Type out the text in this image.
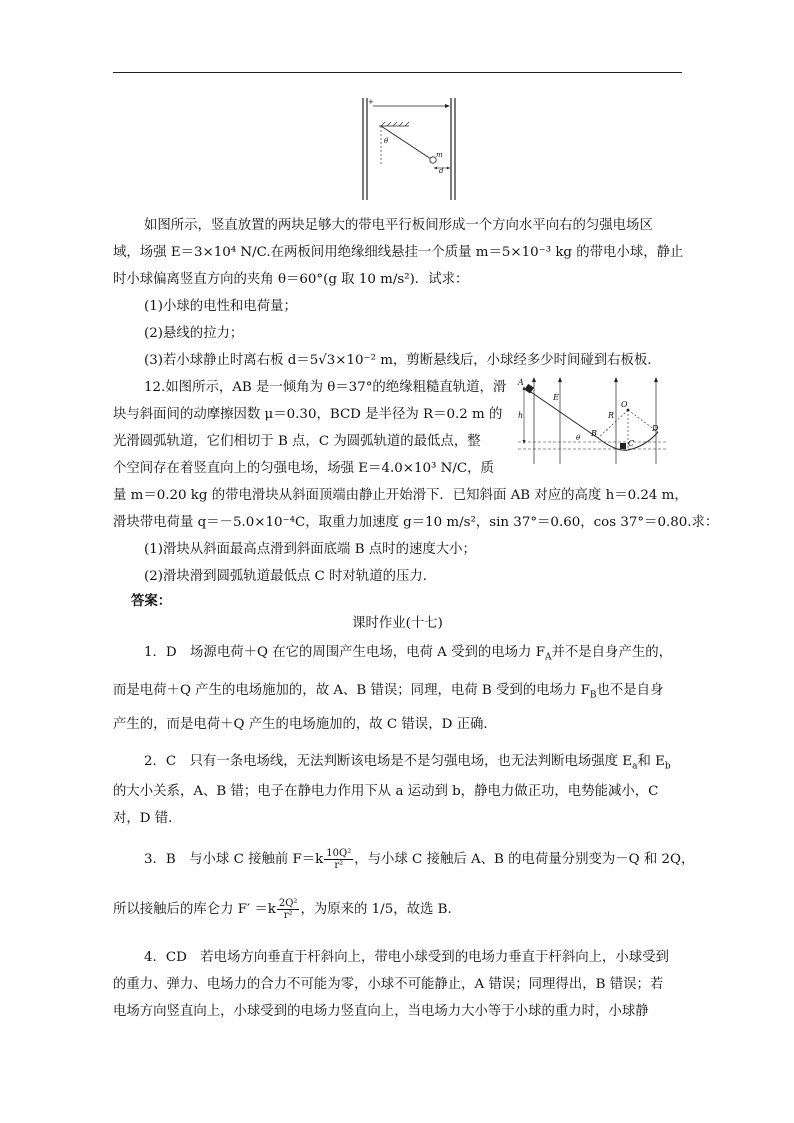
+
θ
m
d
如图所示，竖直放置的两块足够大的带电平行板间形成一个方向水平向右的匀强电场区
域，场强 E＝3×10⁴ N/C.在两板间用绝缘细线悬挂一个质量 m＝5×10⁻³ kg 的带电小球，静止
时小球偏离竖直方向的夹角 θ＝60°(g 取 10 m/s²)．试求：
(1)小球的电性和电荷量；
(2)悬线的拉力；
(3)若小球静止时离右板 d＝5√3×10⁻² m，剪断悬线后，小球经多少时间碰到右板板．
12.如图所示，AB 是一倾角为 θ＝37°的绝缘粗糙直轨道，滑
块与斜面间的动摩擦因数 μ＝0.30，BCD 是半径为 R＝0.2 m 的
光滑圆弧轨道，它们相切于 B 点，C 为圆弧轨道的最低点，整
个空间存在着竖直向上的匀强电场，场强 E＝4.0×10³ N/C，质
量 m＝0.20 kg 的带电滑块从斜面顶端由静止开始滑下．已知斜面 AB 对应的高度 h＝0.24 m，
滑块带电荷量 q＝－5.0×10⁻⁴C，取重力加速度 g＝10 m/s²，sin 37°＝0.60，cos 37°＝0.80.求：
(1)滑块从斜面最高点滑到斜面底端 B 点时的速度大小；
(2)滑块滑到圆弧轨道最低点 C 时对轨道的压力．
h
A
θ B
C
O
R
D
E
答案：
课时作业(十七)
1．D　场源电荷＋Q 在它的周围产生电场，电荷 A 受到的电场力 $F_A$并不是自身产生的，
而是电荷＋Q 产生的电场施加的，故 A、B 错误；同理，电荷 B 受到的电场力 $F_B$也不是自身
产生的，而是电荷＋Q 产生的电场施加的，故 C 错误，D 正确．
2．C　只有一条电场线，无法判断该电场是不是匀强电场，也无法判断电场强度 $E_a$和 $E_b$
的大小关系，A、B 错；电子在静电力作用下从 a 运动到 b，静电力做正功，电势能减小，C
对，D 错．
3．B　与小球 C 接触前 $F=k \frac{\text{10Q²}}{\text{r²}}$ ，与小球 C 接触后 A、B 的电荷量分别变为－Q 和 2Q，
所以接触后的库仑力 $F' =k \frac{\text{2Q²}}{\text{r²}}$ ，为原来的 1/5，故选 B.
4．CD　若电场方向垂直于杆斜向上，带电小球受到的电场力垂直于杆斜向上，小球受到
的重力、弹力、电场力的合力不可能为零，小球不可能静止，A 错误；同理得出，B 错误；若
电场方向竖直向上，小球受到的电场力竖直向上，当电场力大小等于小球的重力时，小球静
